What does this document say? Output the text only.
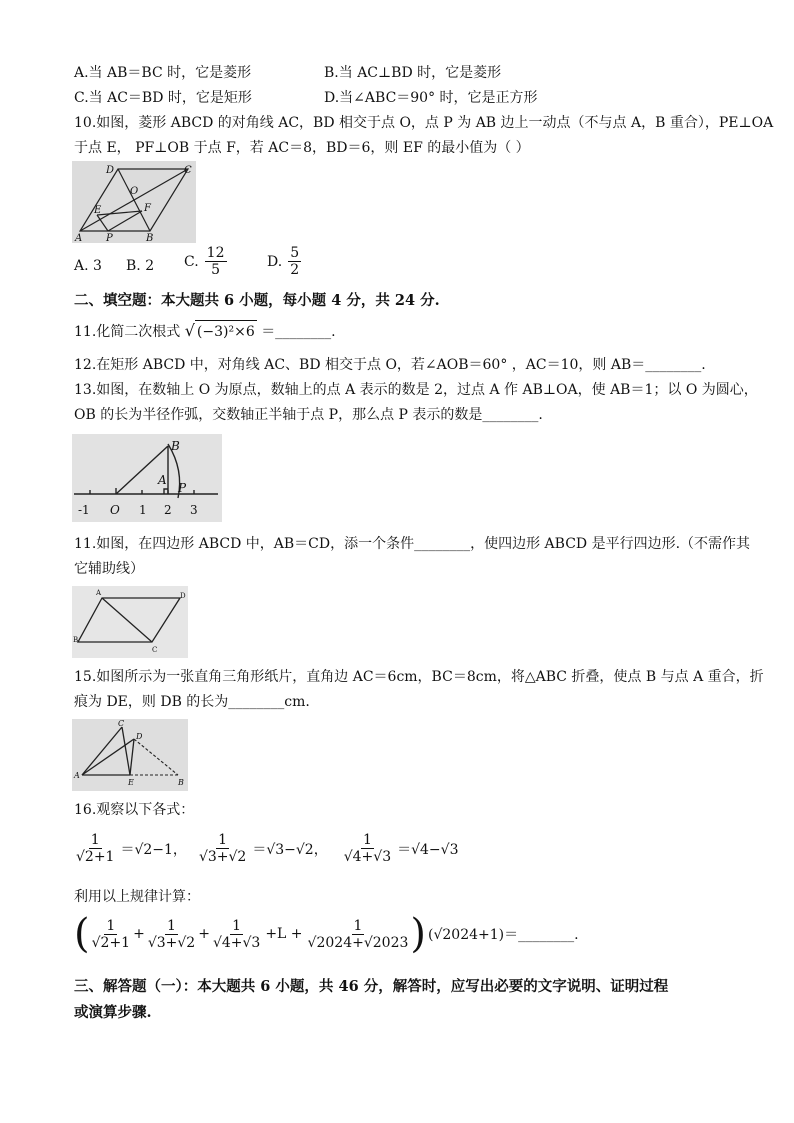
A.当 AB＝BC 时，它是菱形	B.当 AC⊥BD 时，它是菱形
C.当 AC＝BD 时，它是矩形	D.当∠ABC＝90° 时，它是正方形
10.如图，菱形 ABCD 的对角线 AC，BD 相交于点 O，点 P 为 AB 边上一动点（不与点 A，B 重合），PE⊥OA
于点 E， PF⊥OB 于点 F，若 AC＝8，BD＝6，则 EF 的最小值为（ ）
D	C
O
E	F
A P	B
A. 3 B. 2 C. $\frac{12}{5}$	D. $\frac{5}{2}$
二、填空题：本大题共 6 小题，每小题 4 分，共 24 分.
11.化简二次根式 √ (−3)²×6 ＝________.
12.在矩形 ABCD 中，对角线 AC、BD 相交于点 O，若∠AOB＝60° ，AC＝10，则 AB＝________.
13.如图，在数轴上 O 为原点，数轴上的点 A 表示的数是 2，过点 A 作 AB⊥OA，使 AB＝1；以 O 为圆心，
OB 的长为半径作弧，交数轴正半轴于点 P，那么点 P 表示的数是________.
B
A
P
-1 O 1 2 3
11.如图，在四边形 ABCD 中，AB＝CD，添一个条件________，使四边形 ABCD 是平行四边形.（不需作其
它辅助线）
A	D
B
C
15.如图所示为一张直角三角形纸片，直角边 AC＝6cm，BC＝8cm，将△ABC 折叠，使点 B 与点 A 重合，折
痕为 DE，则 DB 的长为________cm.
C
D
A
E	B
16.观察以下各式：
$\frac{1}{√2+1} =√2-1$， $\frac{1}{√3+√2} =√3-√2$， $\frac{1}{√4+√3} =√4-√3$
利用以上规律计算：
( $\frac{1}{√2+1} + \frac{1}{√3+√2} + \frac{1}{√4+√3} +L + \frac{1}{√2024+√2023}$ ) (√2024+1)＝________.
三、解答题（一）：本大题共 6 小题，共 46 分，解答时，应写出必要的文字说明、证明过程
或演算步骤.
